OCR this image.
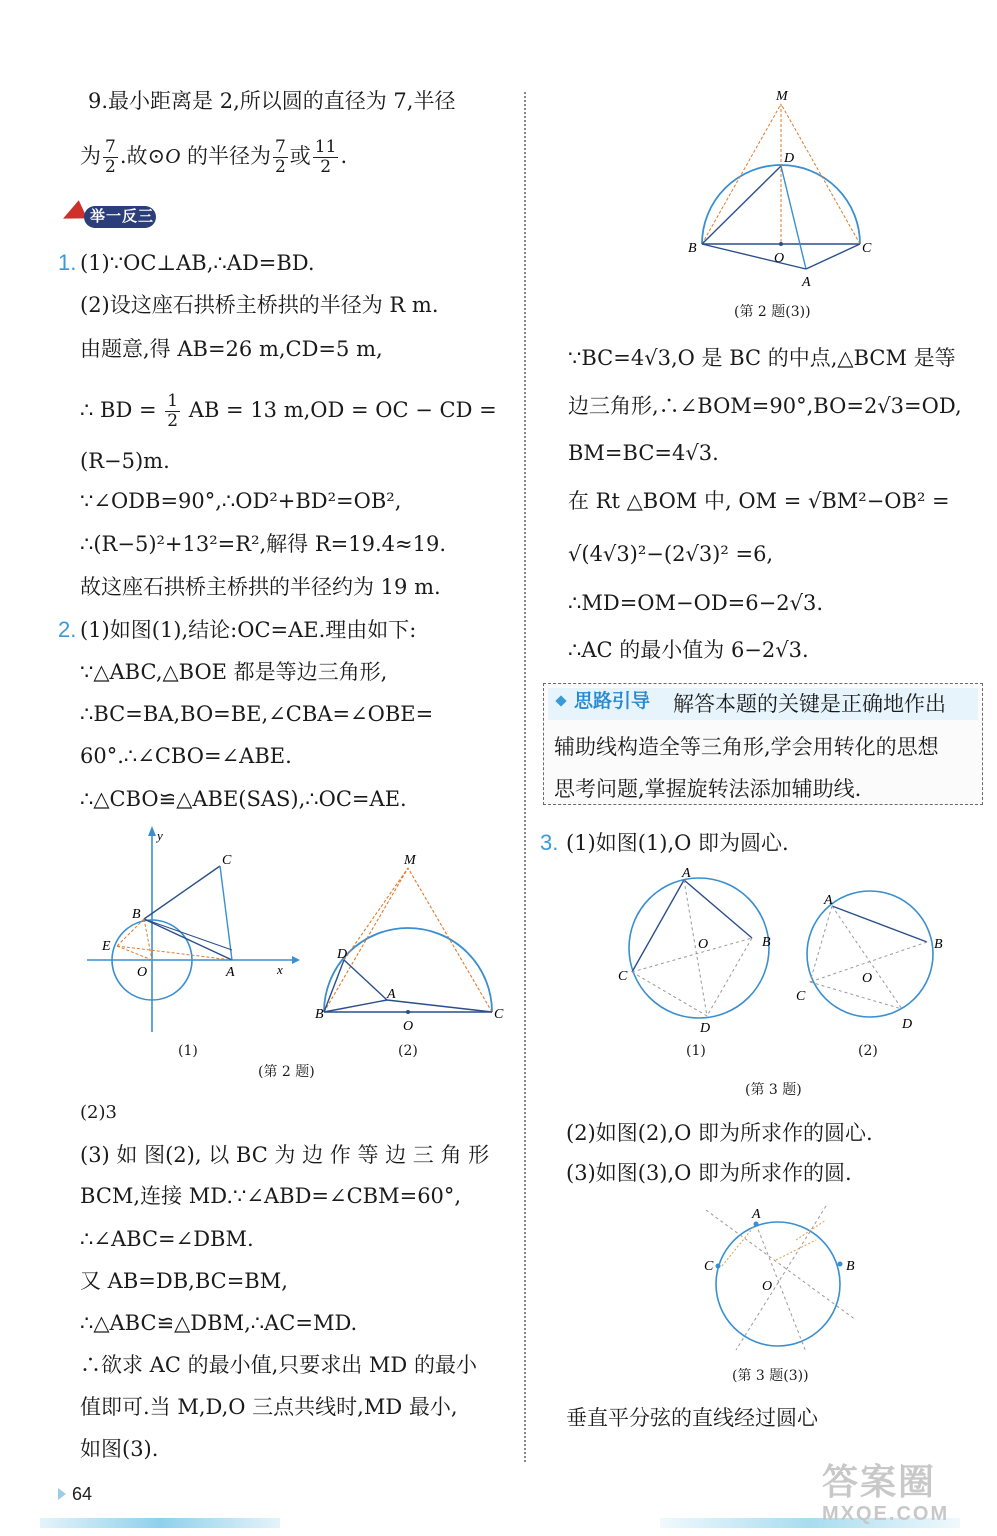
9.最小距离是 2,所以圆的直径为 7,半径
为 $\frac{7}{2}$ .故⊙O 的半径为 $\frac{7}{2}$ 或 $\frac{11}{2}$ .
举一反三
1. (1)∵OC⊥AB,∴AD=BD.
(2)设这座石拱桥主桥拱的半径为 R m.
由题意,得 AB=26 m,CD=5 m,
∴ BD = $\frac{1}{2}$ AB = 13 m,OD = OC − CD =
(R−5)m.
∵∠ODB=90°,∴OD²+BD²=OB²,
∴(R−5)²+13²=R²,解得 R=19.4≈19.
故这座石拱桥主桥拱的半径约为 19 m.
2. (1)如图(1),结论:OC=AE.理由如下:
∵△ABC,△BOE 都是等边三角形,
∴BC=BA,BO=BE,∠CBA=∠OBE=
60°.∴∠CBO=∠ABE.
∴△CBO≌△ABE(SAS),∴OC=AE.
y
x
C
B
E
O	A
M
D
A
B	C
O
(1)	(2)
(第 2 题)
(2)3
(3) 如 图(2), 以 BC 为 边 作 等 边 三 角 形
BCM,连接 MD.∵∠ABD=∠CBM=60°,
∴∠ABC=∠DBM.
又 AB=DB,BC=BM,
∴△ABC≌△DBM,∴AC=MD.
∴欲求 AC 的最小值,只要求出 MD 的最小
值即可.当 M,D,O 三点共线时,MD 最小,
如图(3).
M
D
B	C
O
A
(第 2 题(3))
∵BC=4√3,O 是 BC 的中点,△BCM 是等
边三角形,∴∠BOM=90°,BO=2√3=OD,
BM=BC=4√3.
在 Rt △BOM 中, OM = √BM²−OB² =
√(4√3)²−(2√3)² =6,
∴MD=OM−OD=6−2√3.
∴AC 的最小值为 6−2√3.
思路引导 解答本题的关键是正确地作出
辅助线构造全等三角形,学会用转化的思想
思考问题,掌握旋转法添加辅助线.
3. (1)如图(1),O 即为圆心.
A
B
C
D
O
A
B
C
D
O
(1)	(2)
(第 3 题)
(2)如图(2),O 即为所求作的圆心.
(3)如图(3),O 即为所求作的圆.
A
C	B
O
(第 3 题(3))
垂直平分弦的直线经过圆心
64	答案圈
MXQE.COM
